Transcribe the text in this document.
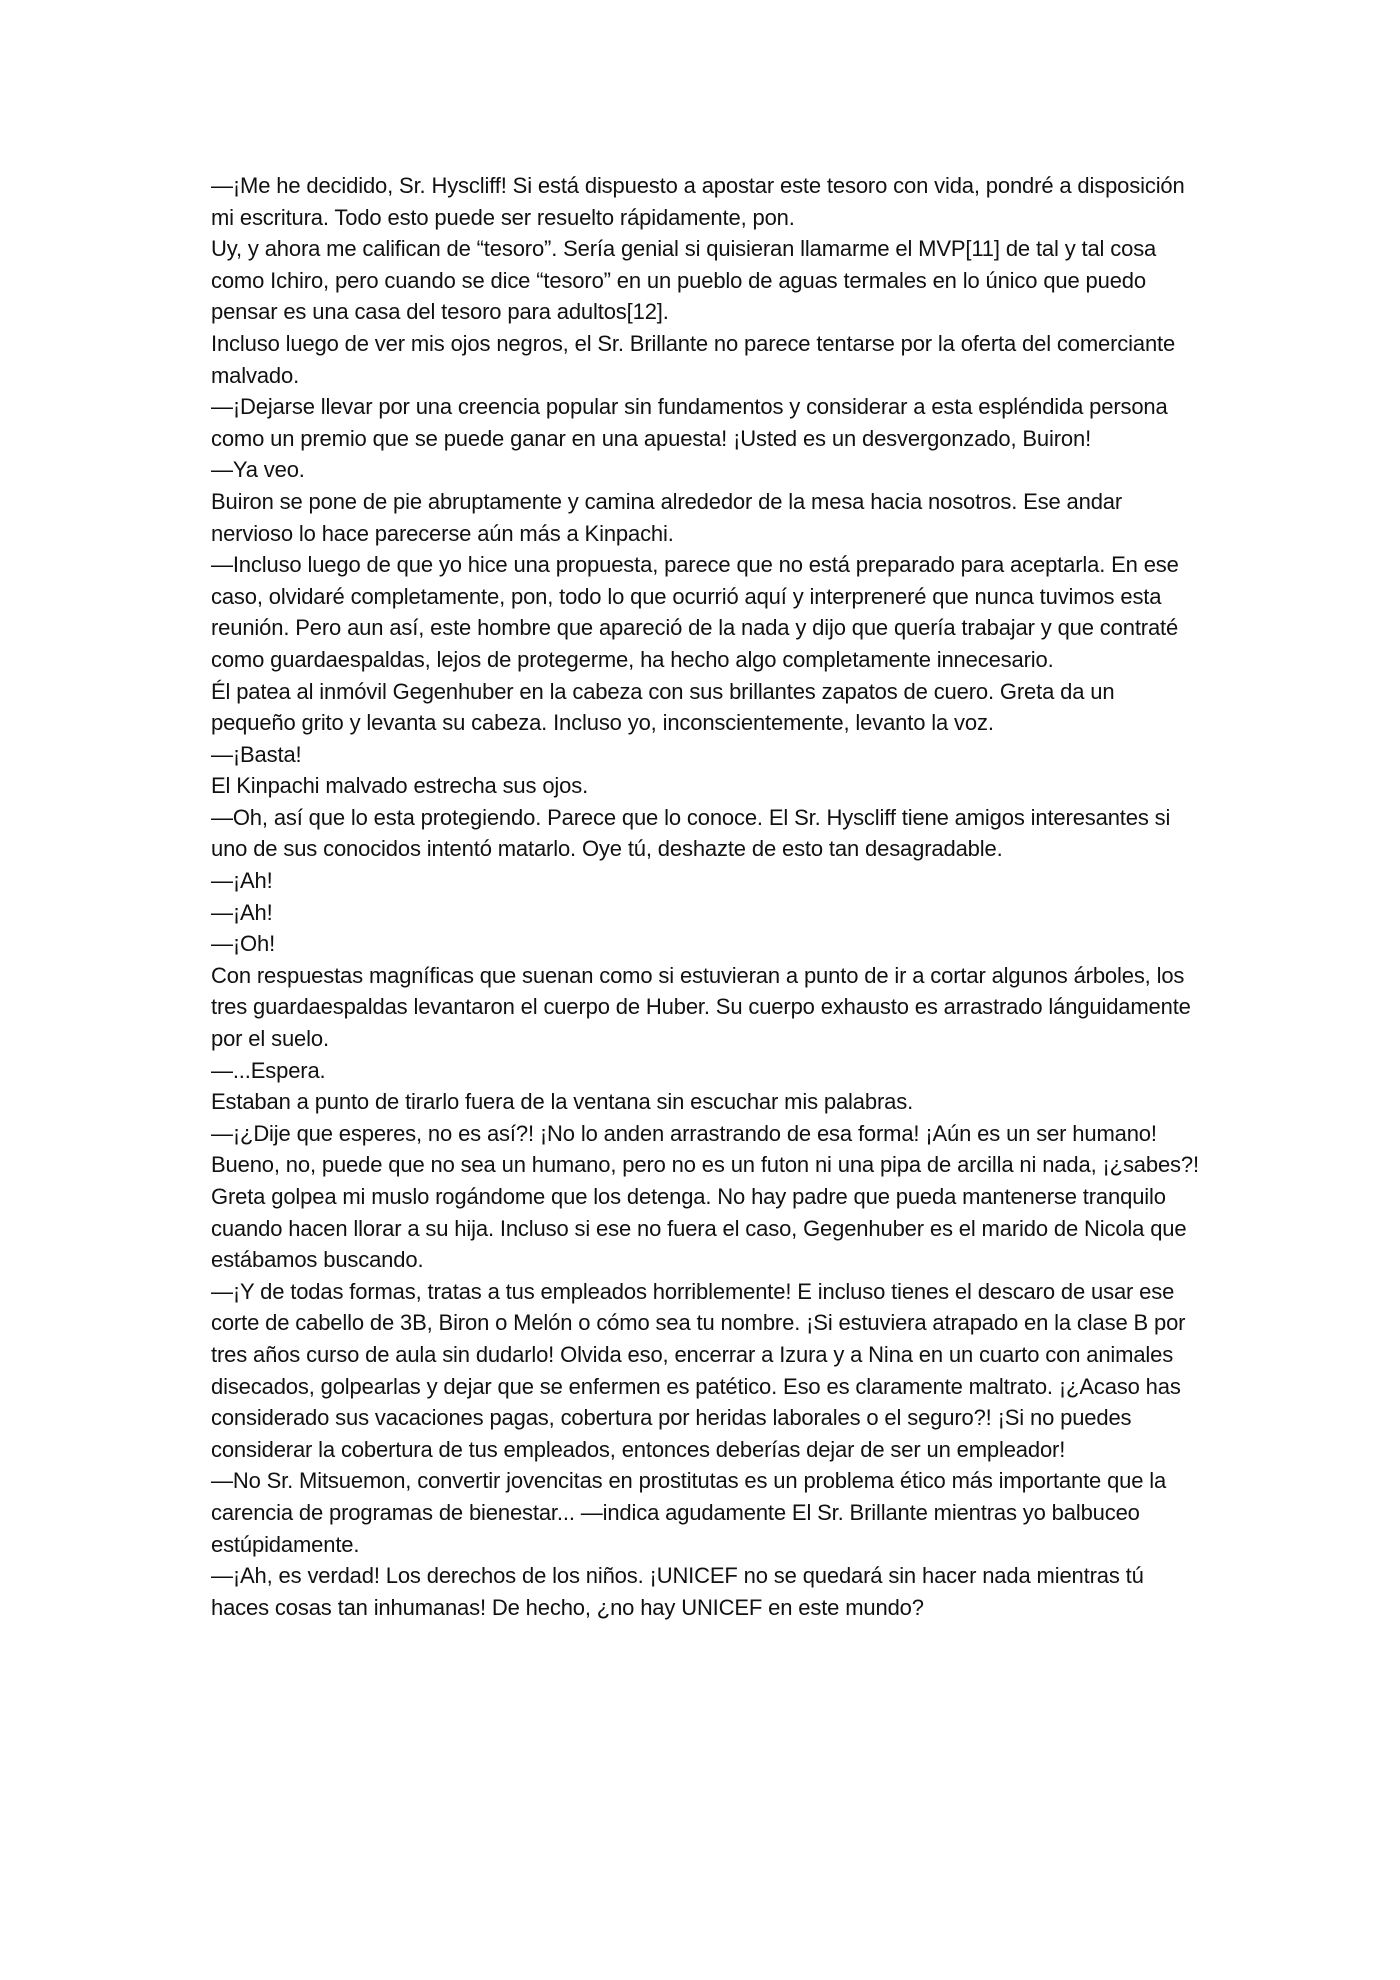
—¡Me he decidido, Sr. Hyscliff! Si está dispuesto a apostar este tesoro con vida, pondré a disposición mi escritura. Todo esto puede ser resuelto rápidamente, pon.

Uy, y ahora me califican de “tesoro”. Sería genial si quisieran llamarme el MVP[11] de tal y tal cosa como Ichiro, pero cuando se dice “tesoro” en un pueblo de aguas termales en lo único que puedo pensar es una casa del tesoro para adultos[12].

Incluso luego de ver mis ojos negros, el Sr. Brillante no parece tentarse por la oferta del comerciante malvado.

—¡Dejarse llevar por una creencia popular sin fundamentos y considerar a esta espléndida persona como un premio que se puede ganar en una apuesta! ¡Usted es un desvergonzado, Buiron!

—Ya veo.

Buiron se pone de pie abruptamente y camina alrededor de la mesa hacia nosotros. Ese andar nervioso lo hace parecerse aún más a Kinpachi.

—Incluso luego de que yo hice una propuesta, parece que no está preparado para aceptarla. En ese caso, olvidaré completamente, pon, todo lo que ocurrió aquí y interpreneré que nunca tuvimos esta reunión. Pero aun así, este hombre que apareció de la nada y dijo que quería trabajar y que contraté como guardaespaldas, lejos de protegerme, ha hecho algo completamente innecesario.

Él patea al inmóvil Gegenhuber en la cabeza con sus brillantes zapatos de cuero. Greta da un pequeño grito y levanta su cabeza. Incluso yo, inconscientemente, levanto la voz.

—¡Basta!

El Kinpachi malvado estrecha sus ojos.

—Oh, así que lo esta protegiendo. Parece que lo conoce. El Sr. Hyscliff tiene amigos interesantes si uno de sus conocidos intentó matarlo. Oye tú, deshazte de esto tan desagradable.

—¡Ah!

—¡Ah!

—¡Oh!

Con respuestas magníficas que suenan como si estuvieran a punto de ir a cortar algunos árboles, los tres guardaespaldas levantaron el cuerpo de Huber. Su cuerpo exhausto es arrastrado lánguidamente por el suelo.

—...Espera.

Estaban a punto de tirarlo fuera de la ventana sin escuchar mis palabras.

—¡¿Dije que esperes, no es así?! ¡No lo anden arrastrando de esa forma! ¡Aún es un ser humano! Bueno, no, puede que no sea un humano, pero no es un futon ni una pipa de arcilla ni nada, ¡¿sabes?!

Greta golpea mi muslo rogándome que los detenga. No hay padre que pueda mantenerse tranquilo cuando hacen llorar a su hija. Incluso si ese no fuera el caso, Gegenhuber es el marido de Nicola que estábamos buscando.

—¡Y de todas formas, tratas a tus empleados horriblemente! E incluso tienes el descaro de usar ese corte de cabello de 3B, Biron o Melón o cómo sea tu nombre. ¡Si estuviera atrapado en la clase B por tres años curso de aula sin dudarlo! Olvida eso, encerrar a Izura y a Nina en un cuarto con animales disecados, golpearlas y dejar que se enfermen es patético. Eso es claramente maltrato. ¡¿Acaso has considerado sus vacaciones pagas, cobertura por heridas laborales o el seguro?! ¡Si no puedes considerar la cobertura de tus empleados, entonces deberías dejar de ser un empleador!

—No Sr. Mitsuemon, convertir jovencitas en prostitutas es un problema ético más importante que la carencia de programas de bienestar... —indica agudamente El Sr. Brillante mientras yo balbuceo estúpidamente.

—¡Ah, es verdad! Los derechos de los niños. ¡UNICEF no se quedará sin hacer nada mientras tú haces cosas tan inhumanas! De hecho, ¿no hay UNICEF en este mundo?
